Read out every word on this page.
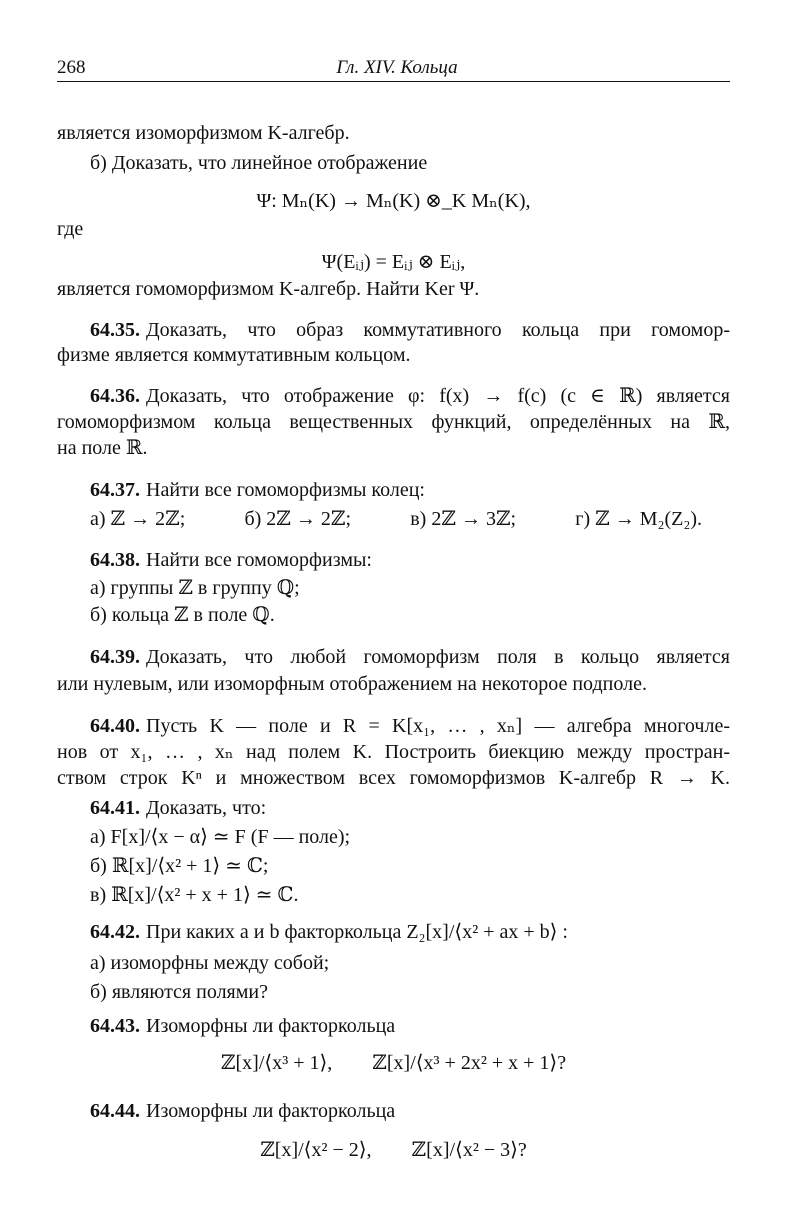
268	Гл. XIV. Кольца
является изоморфизмом K-алгебр.
б) Доказать, что линейное отображение
Ψ: Mₙ(K) → Mₙ(K) ⊗_K Mₙ(K),
где
Ψ(Eᵢⱼ) = Eᵢⱼ ⊗ Eᵢⱼ,
является гомоморфизмом K-алгебр. Найти Ker Ψ.
64.35. Доказать, что образ коммутативного кольца при гомомор-
физме является коммутативным кольцом.
64.36. Доказать, что отображение φ: f(x) → f(c) (c ∈ ℝ) является
гомоморфизмом кольца вещественных функций, определённых на ℝ,
на поле ℝ.
64.37. Найти все гомоморфизмы колец:
а) ℤ → 2ℤ;	б) 2ℤ → 2ℤ;	в) 2ℤ → 3ℤ;	г) ℤ → M₂(Z₂).
64.38. Найти все гомоморфизмы:
а) группы ℤ в группу ℚ;
б) кольца ℤ в поле ℚ.
64.39. Доказать, что любой гомоморфизм поля в кольцо является
или нулевым, или изоморфным отображением на некоторое подполе.
64.40. Пусть K — поле и R = K[x₁, … , xₙ] — алгебра многочле-
нов от x₁, … , xₙ над полем K. Построить биекцию между простран-
ством строк Kⁿ и множеством всех гомоморфизмов K-алгебр R → K.
64.41. Доказать, что:
а) F[x]/⟨x − α⟩ ≃ F (F — поле);
б) ℝ[x]/⟨x² + 1⟩ ≃ ℂ;
в) ℝ[x]/⟨x² + x + 1⟩ ≃ ℂ.
64.42. При каких a и b факторкольца Z₂[x]/⟨x² + ax + b⟩ :
а) изоморфны между собой;
б) являются полями?
64.43. Изоморфны ли факторкольца
ℤ[x]/⟨x³ + 1⟩,        ℤ[x]/⟨x³ + 2x² + x + 1⟩?
64.44. Изоморфны ли факторкольца
ℤ[x]/⟨x² − 2⟩,        ℤ[x]/⟨x² − 3⟩?
